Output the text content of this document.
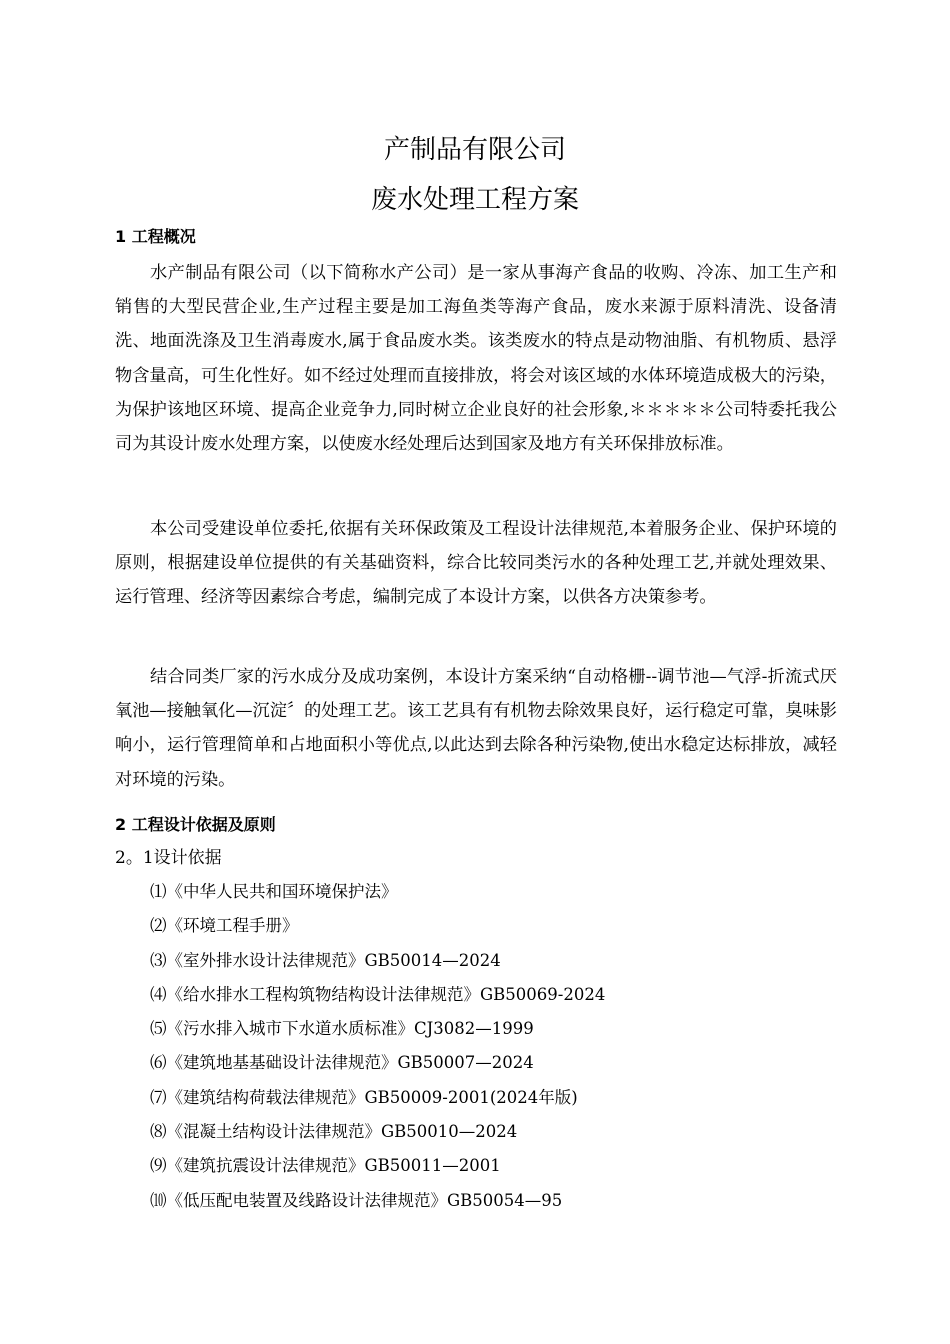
产制品有限公司
废水处理工程方案
1 工程概况

水产制品有限公司（以下简称水产公司）是一家从事海产食品的收购、冷冻、加工生产和销售的大型民营企业,生产过程主要是加工海鱼类等海产食品，废水来源于原料清洗、设备清洗、地面洗涤及卫生消毒废水,属于食品废水类。该类废水的特点是动物油脂、有机物质、悬浮物含量高，可生化性好。如不经过处理而直接排放，将会对该区域的水体环境造成极大的污染，为保护该地区环境、提高企业竞争力,同时树立企业良好的社会形象,＊＊＊＊＊公司特委托我公司为其设计废水处理方案，以使废水经处理后达到国家及地方有关环保排放标准。

本公司受建设单位委托,依据有关环保政策及工程设计法律规范,本着服务企业、保护环境的原则，根据建设单位提供的有关基础资料，综合比较同类污水的各种处理工艺,并就处理效果、运行管理、经济等因素综合考虑，编制完成了本设计方案，以供各方决策参考。

结合同类厂家的污水成分及成功案例，本设计方案采纳“自动格栅--调节池—气浮-折流式厌氧池—接触氧化—沉淀〞的处理工艺。该工艺具有有机物去除效果良好，运行稳定可靠，臭味影响小，运行管理简单和占地面积小等优点,以此达到去除各种污染物,使出水稳定达标排放，减轻对环境的污染。

2 工程设计依据及原则
2。1设计依据
⑴《中华人民共和国环境保护法》
⑵《环境工程手册》
⑶《室外排水设计法律规范》GB50014—2024
⑷《给水排水工程构筑物结构设计法律规范》GB50069-2024
⑸《污水排入城市下水道水质标准》CJ3082—1999
⑹《建筑地基基础设计法律规范》GB50007—2024
⑺《建筑结构荷载法律规范》GB50009-2001(2024年版)
⑻《混凝土结构设计法律规范》GB50010—2024
⑼《建筑抗震设计法律规范》GB50011—2001
⑽《低压配电装置及线路设计法律规范》GB50054—95
